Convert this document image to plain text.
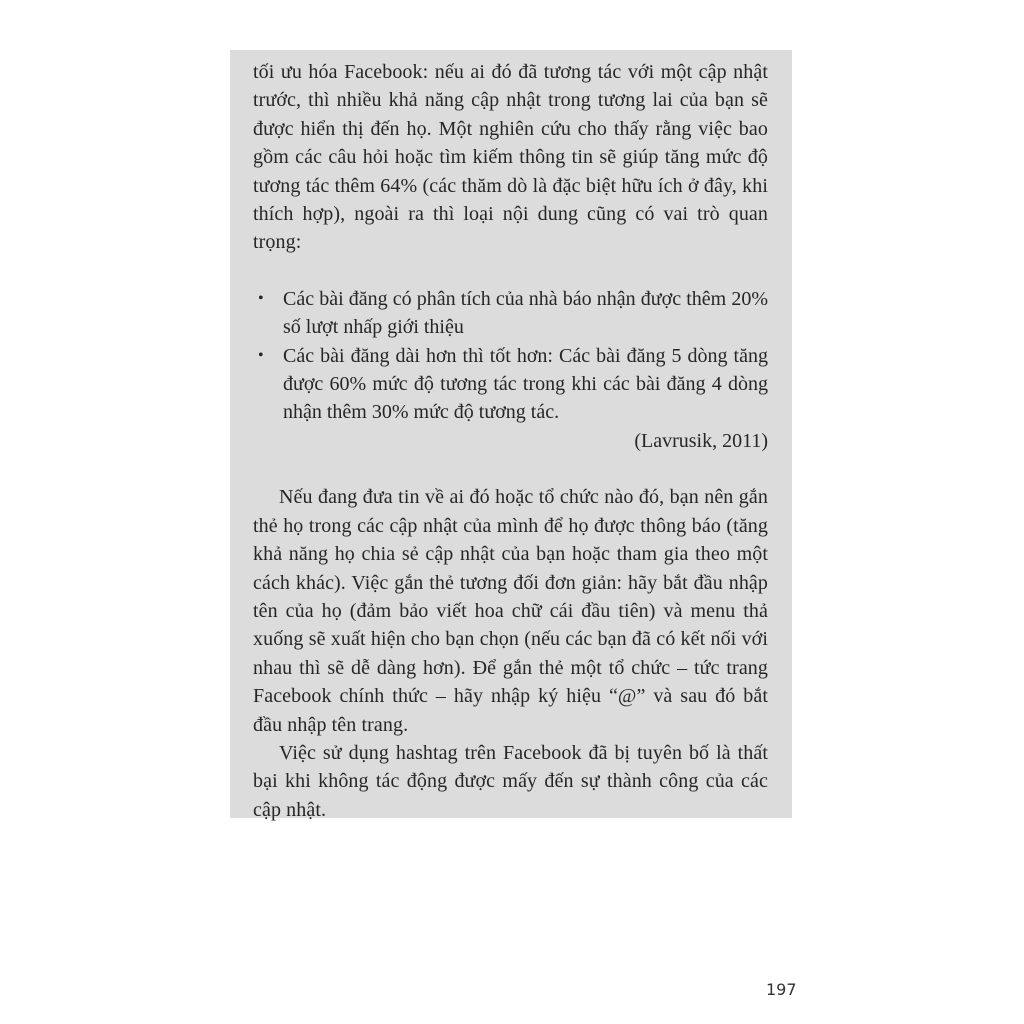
tối ưu hóa Facebook: nếu ai đó đã tương tác với một cập nhật trước, thì nhiều khả năng cập nhật trong tương lai của bạn sẽ được hiển thị đến họ. Một nghiên cứu cho thấy rằng việc bao gồm các câu hỏi hoặc tìm kiếm thông tin sẽ giúp tăng mức độ tương tác thêm 64% (các thăm dò là đặc biệt hữu ích ở đây, khi thích hợp), ngoài ra thì loại nội dung cũng có vai trò quan trọng:

• Các bài đăng có phân tích của nhà báo nhận được thêm 20% số lượt nhấp giới thiệu
• Các bài đăng dài hơn thì tốt hơn: Các bài đăng 5 dòng tăng được 60% mức độ tương tác trong khi các bài đăng 4 dòng nhận thêm 30% mức độ tương tác.

(Lavrusik, 2011)

Nếu đang đưa tin về ai đó hoặc tổ chức nào đó, bạn nên gắn thẻ họ trong các cập nhật của mình để họ được thông báo (tăng khả năng họ chia sẻ cập nhật của bạn hoặc tham gia theo một cách khác). Việc gắn thẻ tương đối đơn giản: hãy bắt đầu nhập tên của họ (đảm bảo viết hoa chữ cái đầu tiên) và menu thả xuống sẽ xuất hiện cho bạn chọn (nếu các bạn đã có kết nối với nhau thì sẽ dễ dàng hơn). Để gắn thẻ một tổ chức – tức trang Facebook chính thức – hãy nhập ký hiệu “@” và sau đó bắt đầu nhập tên trang.

Việc sử dụng hashtag trên Facebook đã bị tuyên bố là thất bại khi không tác động được mấy đến sự thành công của các cập nhật.

197
